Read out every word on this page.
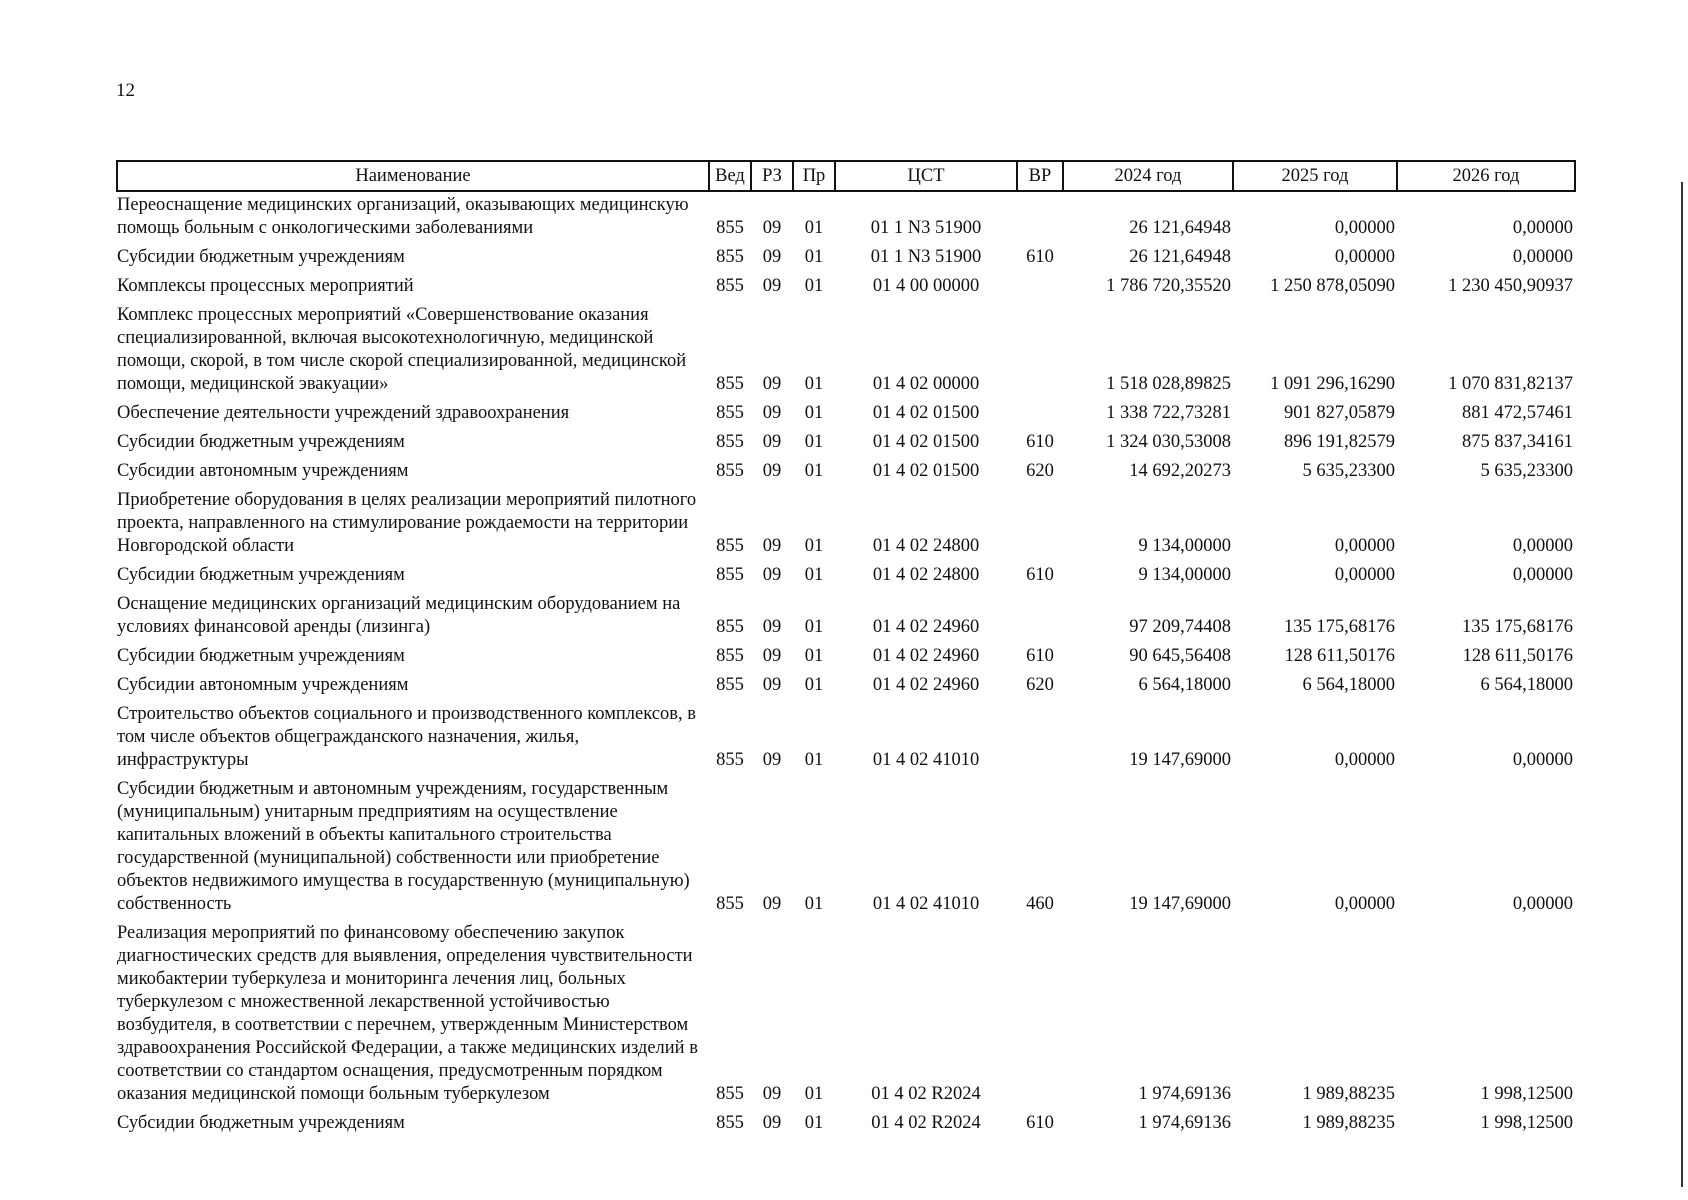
12
Наименование	Вед	РЗ	Пр	ЦСТ	ВР	2024 год	2025 год	2026 год
Переоснащение медицинских организаций, оказывающих медицинскую помощь больным с онкологическими заболеваниями	855	09	01	01 1 N3 51900		26 121,64948	0,00000	0,00000
Субсидии бюджетным учреждениям	855	09	01	01 1 N3 51900	610	26 121,64948	0,00000	0,00000
Комплексы процессных мероприятий	855	09	01	01 4 00 00000		1 786 720,35520	1 250 878,05090	1 230 450,90937
Комплекс процессных мероприятий «Совершенствование оказания специализированной, включая высокотехнологичную, медицинской помощи, скорой, в том числе скорой специализированной, медицинской помощи, медицинской эвакуации»	855	09	01	01 4 02 00000		1 518 028,89825	1 091 296,16290	1 070 831,82137
Обеспечение деятельности учреждений здравоохранения	855	09	01	01 4 02 01500		1 338 722,73281	901 827,05879	881 472,57461
Субсидии бюджетным учреждениям	855	09	01	01 4 02 01500	610	1 324 030,53008	896 191,82579	875 837,34161
Субсидии автономным учреждениям	855	09	01	01 4 02 01500	620	14 692,20273	5 635,23300	5 635,23300
Приобретение оборудования в целях реализации мероприятий пилотного проекта, направленного на стимулирование рождаемости на территории Новгородской области	855	09	01	01 4 02 24800		9 134,00000	0,00000	0,00000
Субсидии бюджетным учреждениям	855	09	01	01 4 02 24800	610	9 134,00000	0,00000	0,00000
Оснащение медицинских организаций медицинским оборудованием на условиях финансовой аренды (лизинга)	855	09	01	01 4 02 24960		97 209,74408	135 175,68176	135 175,68176
Субсидии бюджетным учреждениям	855	09	01	01 4 02 24960	610	90 645,56408	128 611,50176	128 611,50176
Субсидии автономным учреждениям	855	09	01	01 4 02 24960	620	6 564,18000	6 564,18000	6 564,18000
Строительство объектов социального и производственного комплексов, в том числе объектов общегражданского назначения, жилья, инфраструктуры	855	09	01	01 4 02 41010		19 147,69000	0,00000	0,00000
Субсидии бюджетным и автономным учреждениям, государственным (муниципальным) унитарным предприятиям на осуществление капитальных вложений в объекты капитального строительства государственной (муниципальной) собственности или приобретение объектов недвижимого имущества в государственную (муниципальную) собственность	855	09	01	01 4 02 41010	460	19 147,69000	0,00000	0,00000
Реализация мероприятий по финансовому обеспечению закупок диагностических средств для выявления, определения чувствительности микобактерии туберкулеза и мониторинга лечения лиц, больных туберкулезом с множественной лекарственной устойчивостью возбудителя, в соответствии с перечнем, утвержденным Министерством здравоохранения Российской Федерации, а также медицинских изделий в соответствии со стандартом оснащения, предусмотренным порядком оказания медицинской помощи больным туберкулезом	855	09	01	01 4 02 R2024		1 974,69136	1 989,88235	1 998,12500
Субсидии бюджетным учреждениям	855	09	01	01 4 02 R2024	610	1 974,69136	1 989,88235	1 998,12500
